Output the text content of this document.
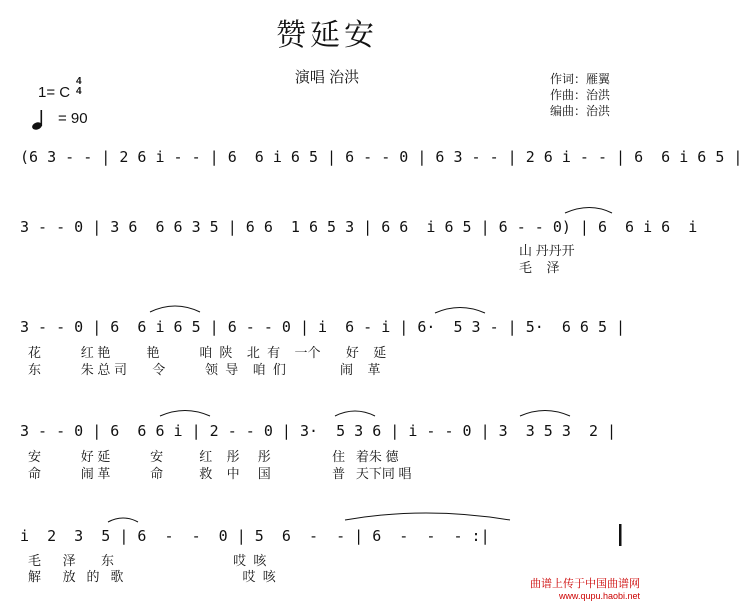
赞延安
演唱 治洪	作词：雁翼
作曲：治洪
编曲：治洪
1= C
4
4
= 90
(6 3 - - | 2 6 i - - | 6  6 i 6 5 | 6 - - 0 | 6 3 - - | 2 6 i - - | 6  6 i 6 5 |
3 - - 0 | 3 6  6 6 3 5 | 6 6  1 6 5 3 | 6 6  i 6 5 | 6 - - 0) | 6  6 i 6  i
3 - - 0 | 6  6 i 6 5 | 6 - - 0 | i  6 - i | 6·  5 3 - | 5·  6 6 5 |
3 - - 0 | 6  6 6 i | 2 - - 0 | 3·  5 3 6 | i - - 0 | 3  3 5 3  2 |
i  2  3  5 | 6  -  -  0 | 5  6  -  - | 6  -  -  - :|
山 丹丹开
毛    泽
花           红 艳          艳           咱  陕    北  有    一个       好    延
东           朱 总 司       令           领  导    咱  们               闹    革
安           好 延           安          红    彤     彤                 住   着朱 德
命           闹 革           命          救    中     国                 普   天下同 唱
毛      泽       东                                 哎  咳
解      放   的   歌                                 哎  咳	曲谱上传于中国曲谱网
www.qupu.haobi.net
